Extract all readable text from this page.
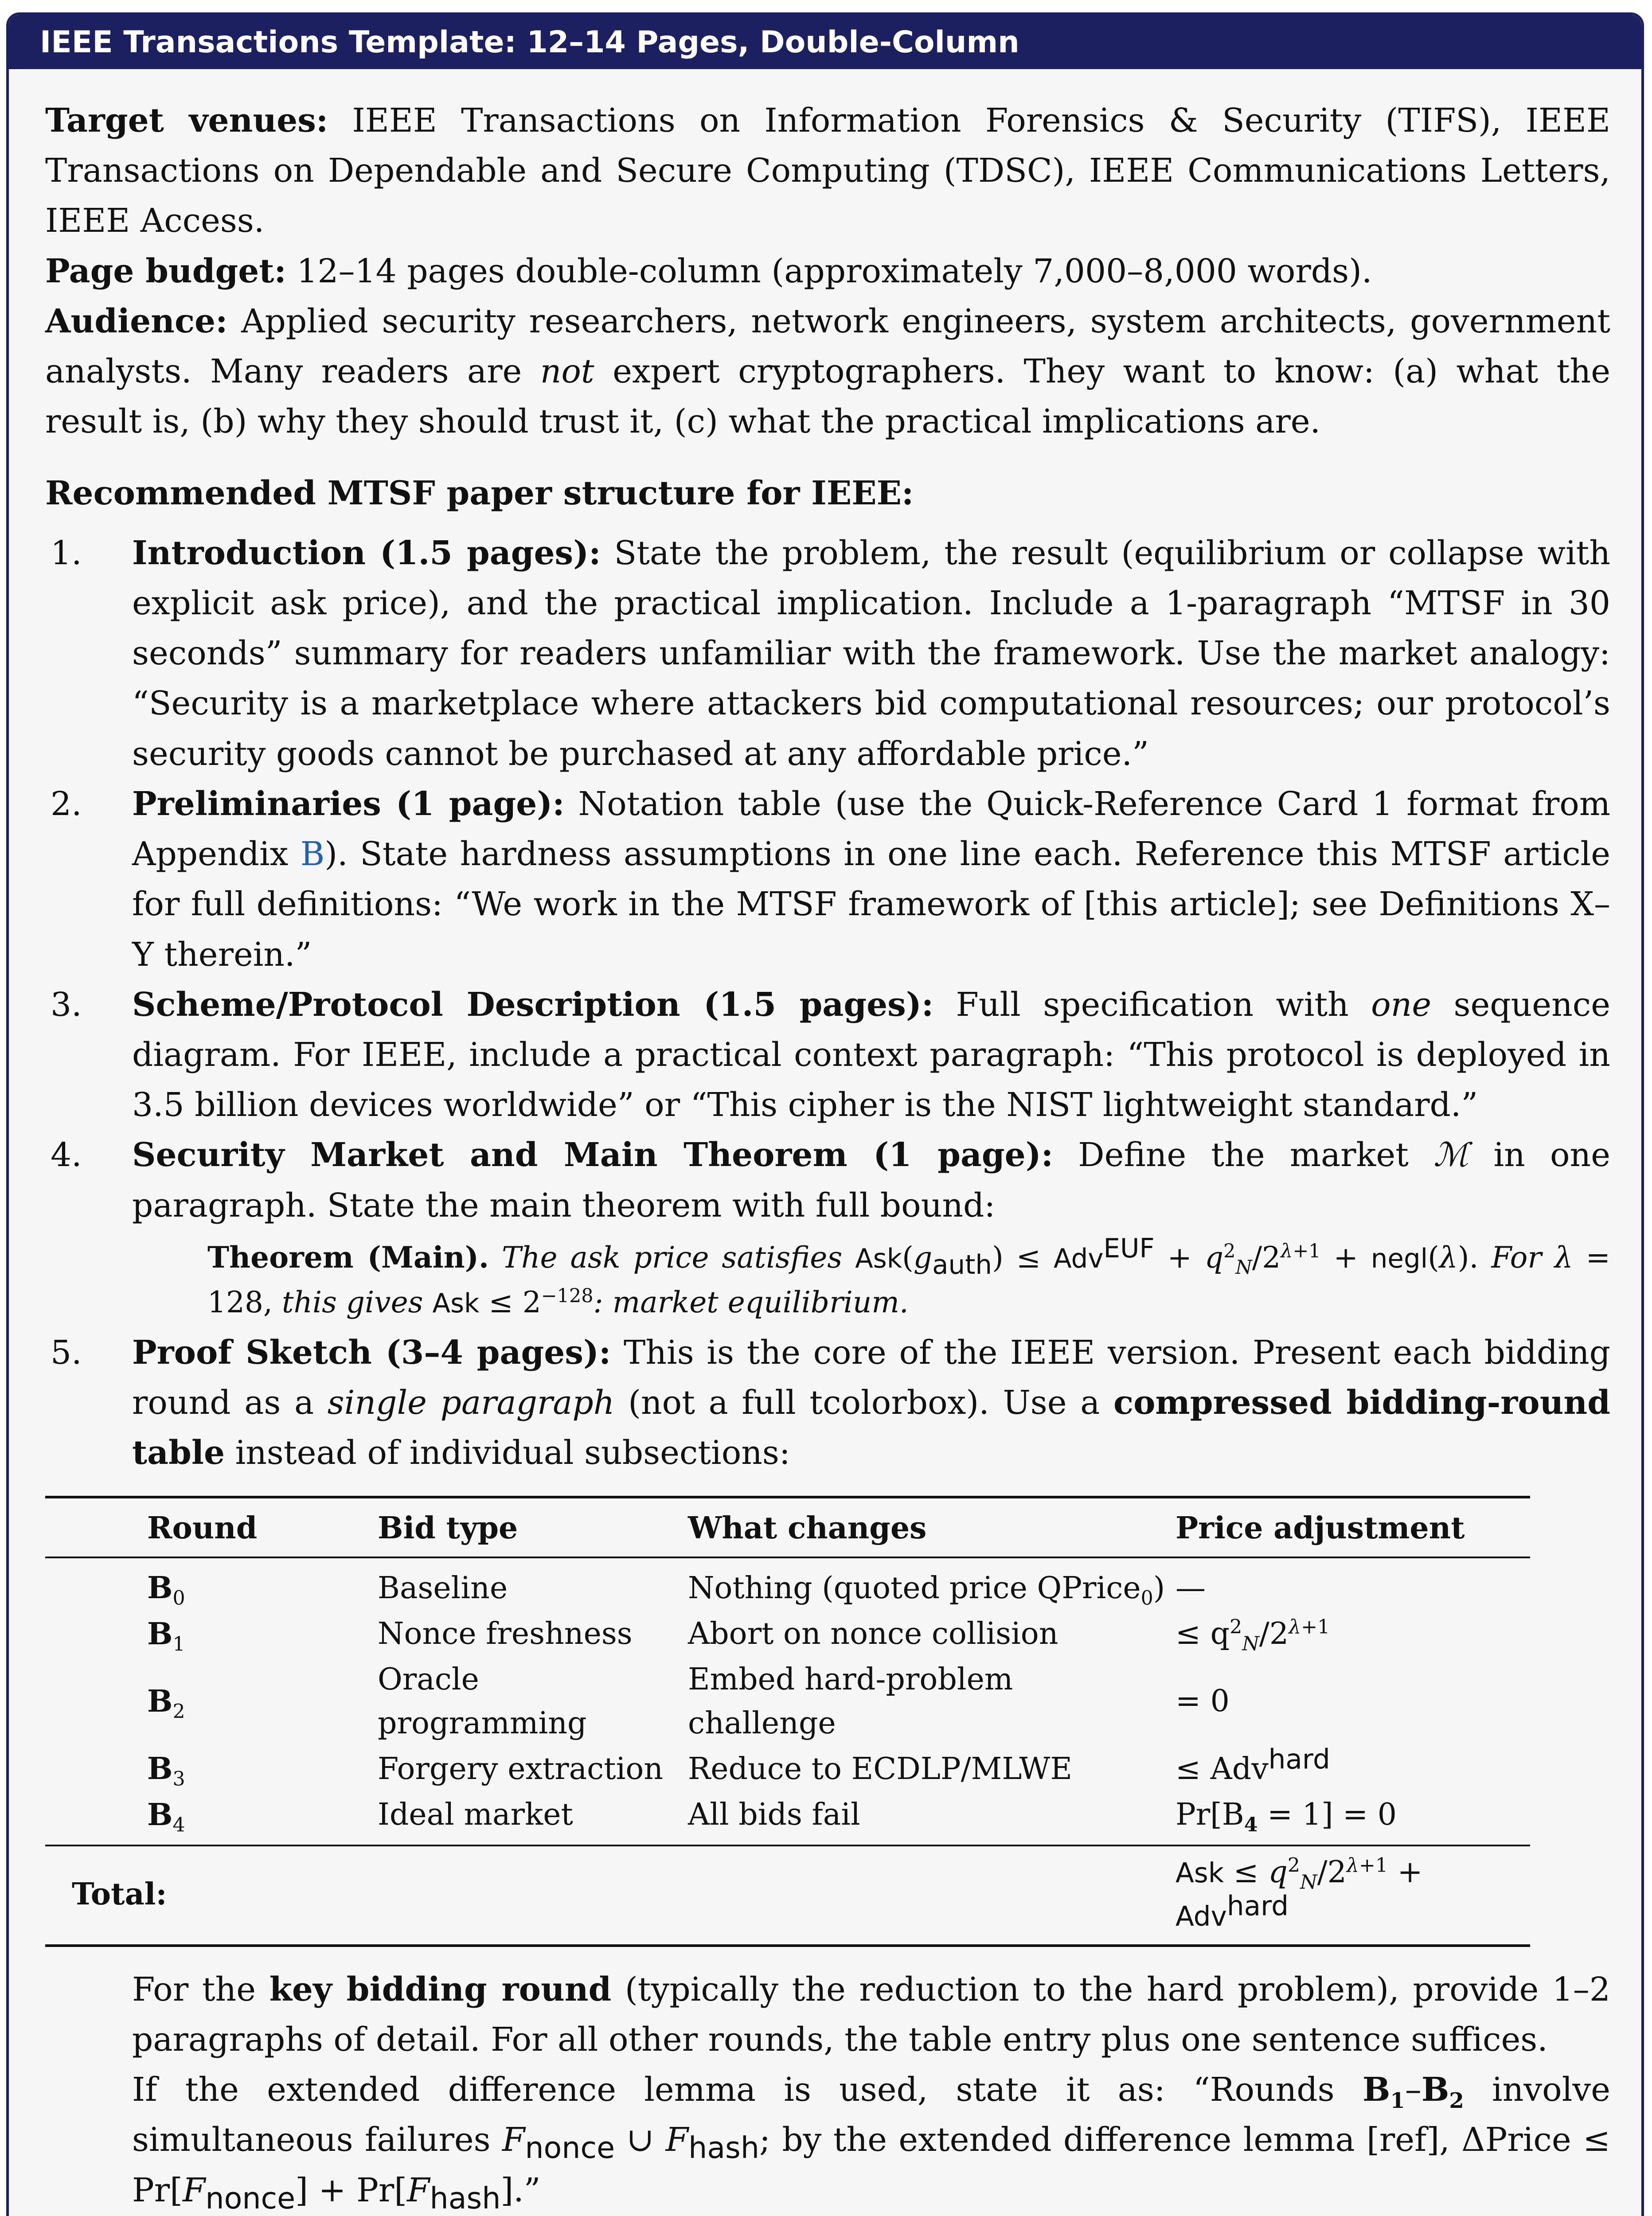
IEEE Transactions Template: 12–14 Pages, Double-Column

Target venues: IEEE Transactions on Information Forensics & Security (TIFS), IEEE Transactions on Dependable and Secure Computing (TDSC), IEEE Communications Letters, IEEE Access.
Page budget: 12–14 pages double-column (approximately 7,000–8,000 words).
Audience: Applied security researchers, network engineers, system architects, government analysts. Many readers are not expert cryptographers. They want to know: (a) what the result is, (b) why they should trust it, (c) what the practical implications are.

Recommended MTSF paper structure for IEEE:

1. Introduction (1.5 pages): State the problem, the result (equilibrium or collapse with explicit ask price), and the practical implication. Include a 1-paragraph “MTSF in 30 seconds” summary for readers unfamiliar with the framework. Use the market analogy: “Security is a marketplace where attackers bid computational resources; our protocol’s security goods cannot be purchased at any affordable price.”
2. Preliminaries (1 page): Notation table (use the Quick-Reference Card 1 format from Appendix B). State hardness assumptions in one line each. Reference this MTSF article for full definitions: “We work in the MTSF framework of [this article]; see Definitions X–Y therein.”
3. Scheme/Protocol Description (1.5 pages): Full specification with one sequence diagram. For IEEE, include a practical context paragraph: “This protocol is deployed in 3.5 billion devices worldwide” or “This cipher is the NIST lightweight standard.”
4. Security Market and Main Theorem (1 page): Define the market ℳ in one paragraph. State the main theorem with full bound:
Theorem (Main). The ask price satisfies $Ask(g_{auth}) \le Adv^{EUF} + q^2_N/2^{\lambda+1}$ + negl(λ). For λ = 128, this gives Ask ≤ $2^{-128}$: market equilibrium.
5. Proof Sketch (3–4 pages): This is the core of the IEEE version. Present each bidding round as a single paragraph (not a full tcolorbox). Use a compressed bidding-round table instead of individual subsections:
Round	Bid type	What changes	Price adjustment
$B_0$	Baseline	Nothing (quoted price QPrice$_0$)	—
$B_1$	Nonce freshness	Abort on nonce collision	≤ $q^2_N/2^{\lambda+1}$
$B_2$	Oracle programming	Embed hard-problem challenge	= 0
$B_3$	Forgery extraction	Reduce to ECDLP/MLWE	≤ Adv$^{hard}$
$B_4$	Ideal market	All bids fail	$Pr[B_4 = 1] = 0$
Total:			Ask ≤ $q^2_N/2^{\lambda+1} + Adv^{hard}$

For the key bidding round (typically the reduction to the hard problem), provide 1–2 paragraphs of detail. For all other rounds, the table entry plus one sentence suffices.

If the extended difference lemma is used, state it as: “Rounds $B_1-B_2$ involve simultaneous failures $F_{nonce}$ ∪ $F_{hash}$; by the extended difference lemma [ref], ΔPrice ≤ $Pr[F_{nonce}] + Pr[F_{hash}]$.”
